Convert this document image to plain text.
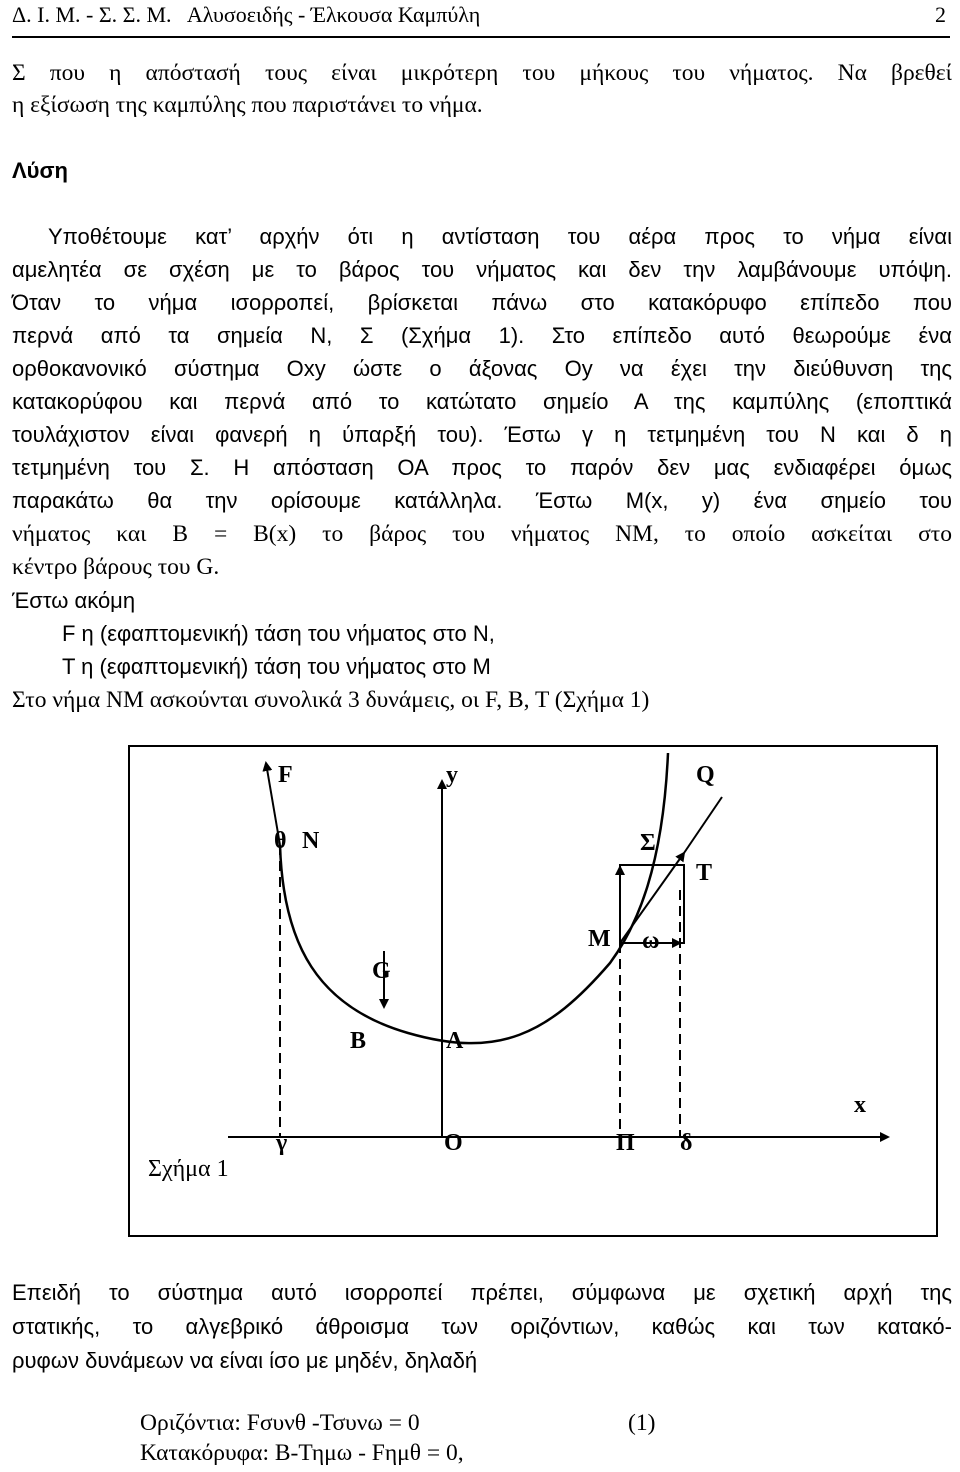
Δ. Ι. Μ. - Σ. Σ. Μ.   Αλυσοειδής - Έλκουσα Καμπύλη	2
Σ που η απόστασή τους είναι μικρότερη του μήκους του νήματος. Να βρεθεί
η εξίσωση της καμπύλης που παριστάνει το νήμα.
Λύση
Υποθέτουμε κατ’ αρχήν ότι η αντίσταση του αέρα προς το νήμα είναι
αμελητέα σε σχέση με το βάρος του νήματος και δεν την λαμβάνουμε υπόψη.
Όταν το νήμα ισορροπεί, βρίσκεται πάνω στο κατακόρυφο επίπεδο που
περνά από τα σημεία Ν, Σ (Σχήμα 1). Στο επίπεδο αυτό θεωρούμε ένα
ορθοκανονικό σύστημα Οxy ώστε ο άξονας Οy να έχει την διεύθυνση της
κατακορύφου και περνά από το κατώτατο σημείο Α της καμπύλης (εποπτικά
τουλάχιστον είναι φανερή η ύπαρξή του). Έστω γ η τετμημένη του Ν και δ η
τετμημένη του Σ. Η απόσταση ΟΑ προς το παρόν δεν μας ενδιαφέρει όμως
παρακάτω θα την ορίσουμε κατάλληλα. Έστω Μ(x, y) ένα σημείο του
νήματος και Β = Β(x) το βάρος του νήματος ΝΜ, το οποίο ασκείται στο
κέντρο βάρους του G.
Έστω ακόμη
F η (εφαπτομενική) τάση του νήματος στο Ν,
Τ η (εφαπτομενική) τάση του νήματος στο Μ
Στο νήμα ΝΜ ασκούνται συνολικά 3 δυνάμεις, οι F, B, T (Σχήμα 1)
F	y	Q
θ N	Σ
T
M ω
G
B	A
x
γ	O	Π δ
Σχήμα 1
Επειδή το σύστημα αυτό ισορροπεί πρέπει, σύμφωνα με σχετική αρχή της
στατικής, το αλγεβρικό άθροισμα των οριζόντιων, καθώς και των κατακό-
ρυφων δυνάμεων να είναι ίσο με μηδέν, δηλαδή
Οριζόντια: Fσυνθ -Τσυνω = 0	(1)
Κατακόρυφα: Β-Τημω - Fημθ = 0,
